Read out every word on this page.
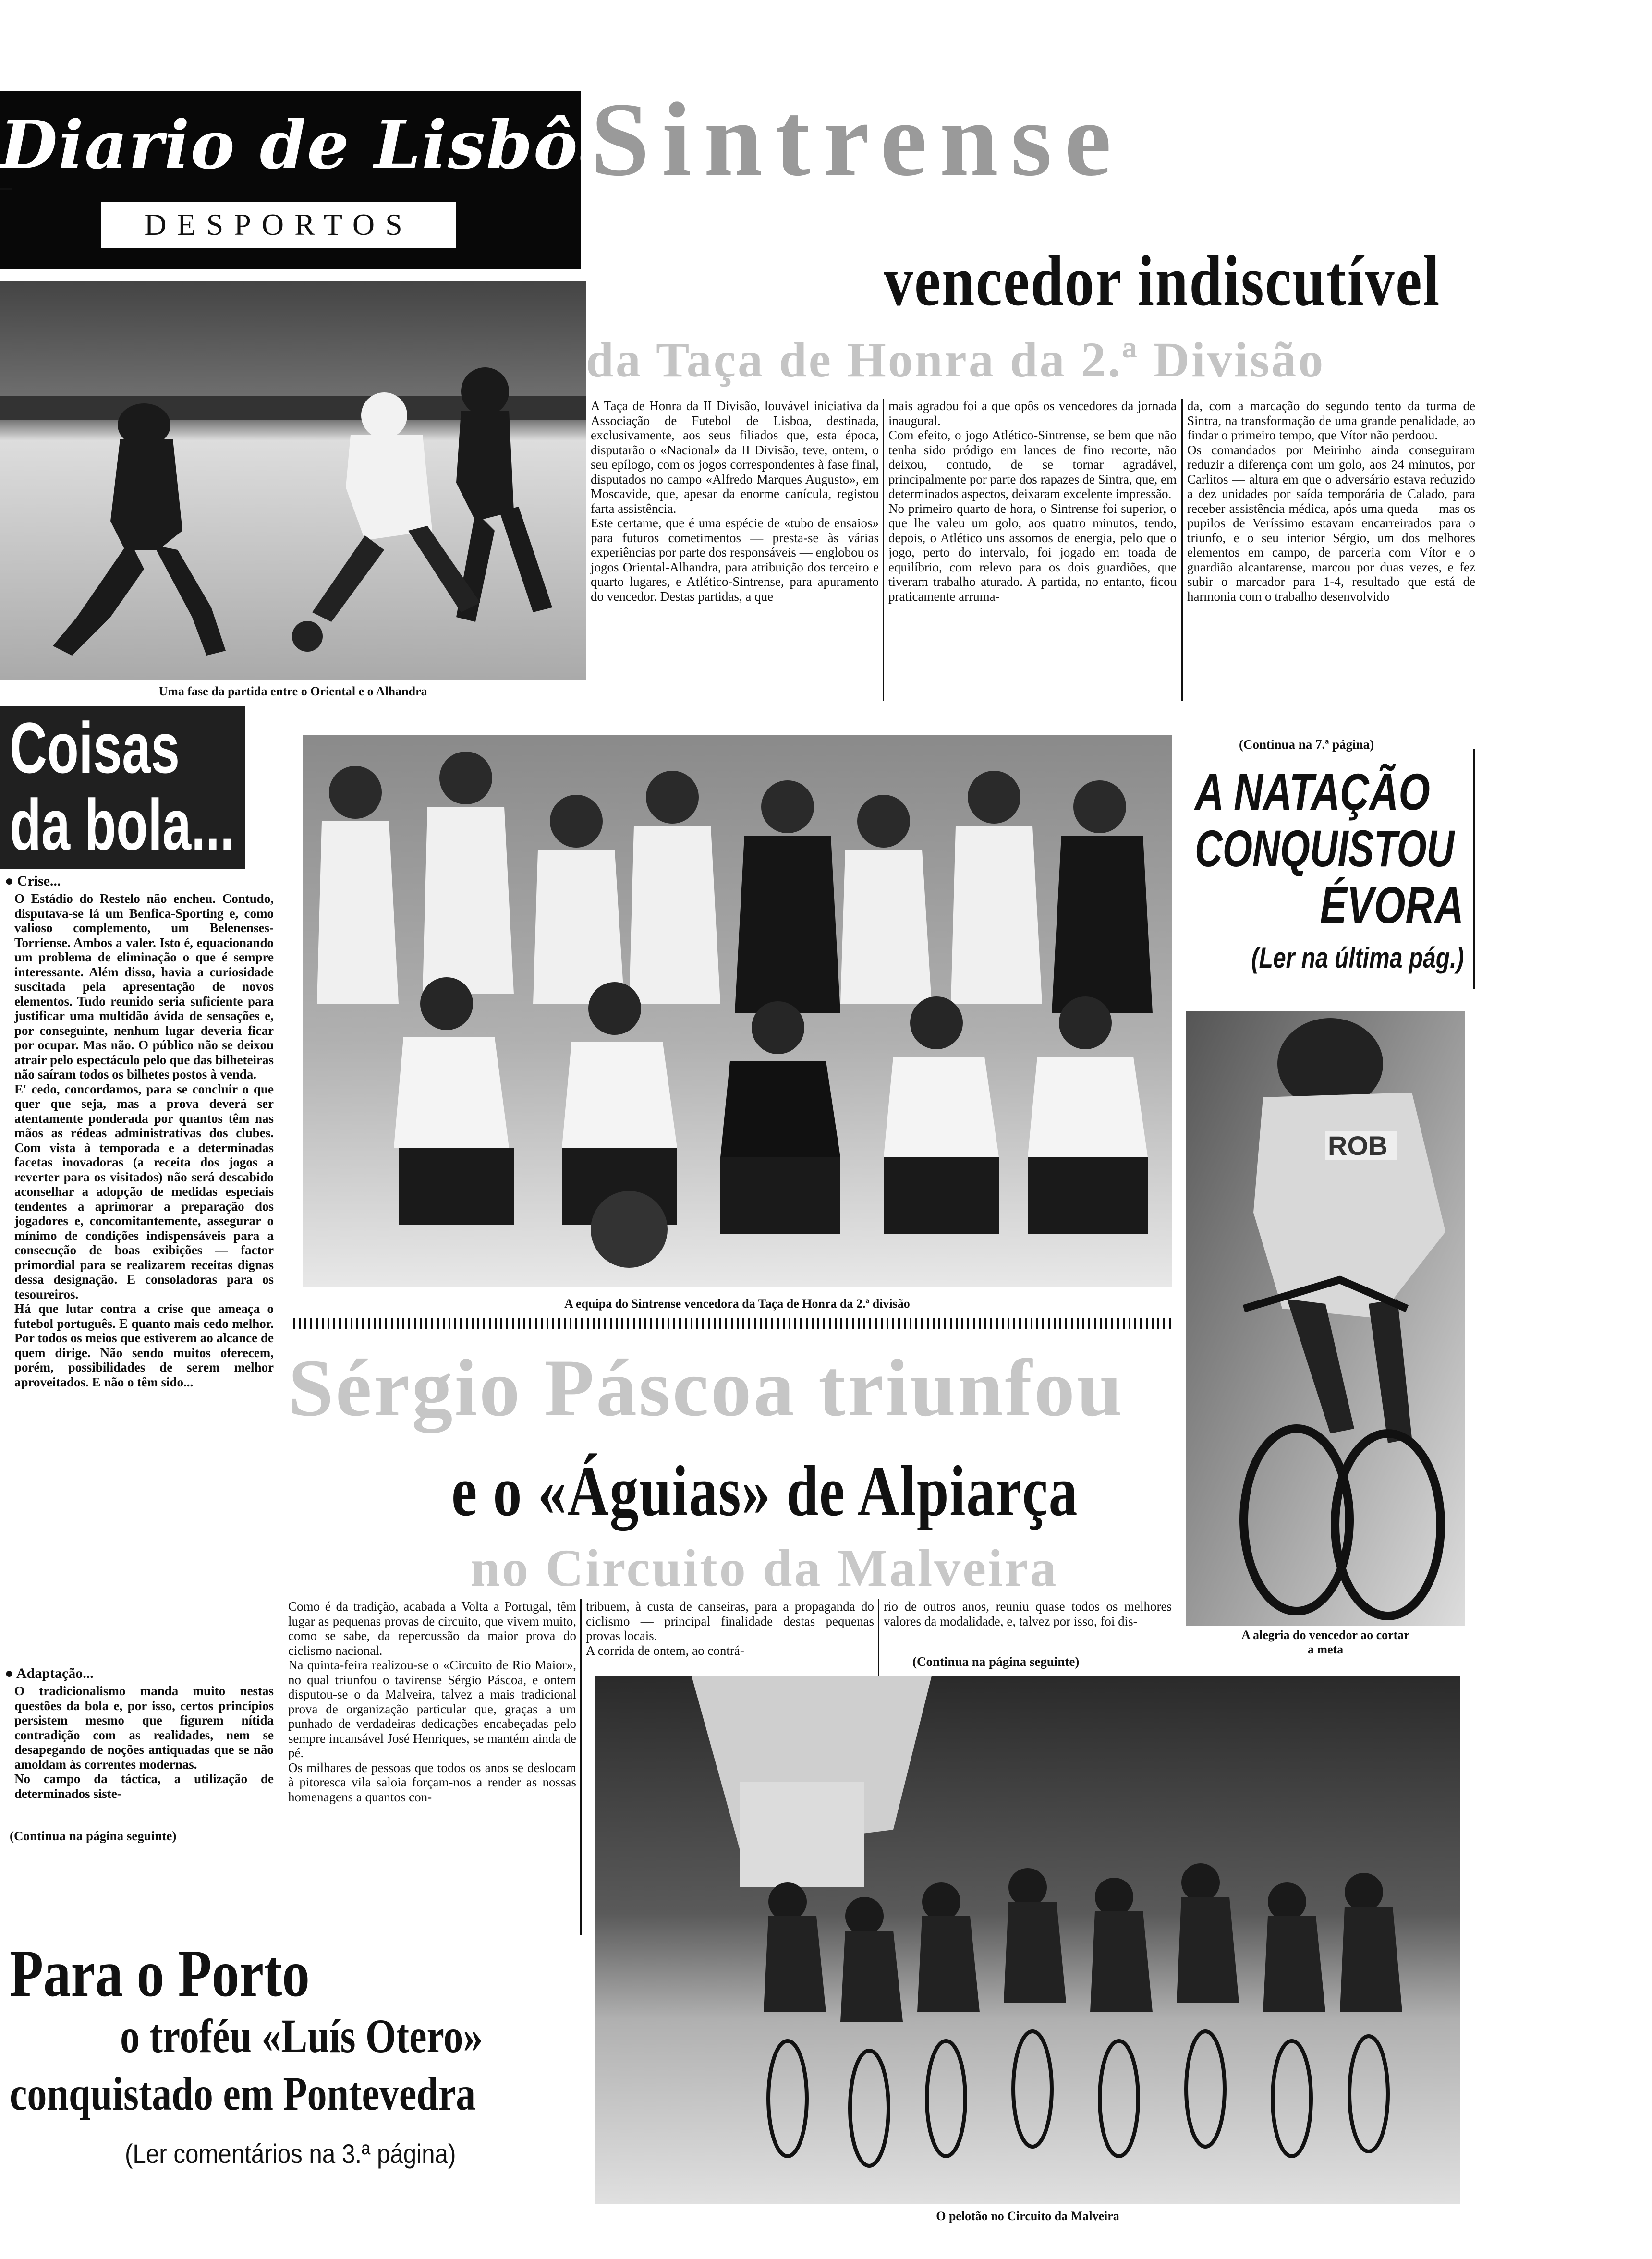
Diario de Lisbôa
DESPORTOS
Sintrense
vencedor indiscutível
da Taça de Honra da 2.ª Divisão
Uma fase da partida entre o Oriental e o Alhandra
A Taça de Honra da II Divisão, louvável iniciativa da Associação de Futebol de Lisboa, destinada, exclusivamente, aos seus filiados que, esta época, disputarão o «Nacional» da II Divisão, teve, ontem, o seu epílogo, com os jogos correspondentes à fase final, disputados no campo «Alfredo Marques Augusto», em Moscavide, que, apesar da enorme canícula, registou farta assistência.
Este certame, que é uma espécie de «tubo de ensaios» para futuros cometimentos — presta-se às várias experiências por parte dos responsáveis — englobou os jogos Oriental-Alhandra, para atribuição dos terceiro e quarto lugares, e Atlético-Sintrense, para apuramento do vencedor. Destas partidas, a que
mais agradou foi a que opôs os vencedores da jornada inaugural.
Com efeito, o jogo Atlético-Sintrense, se bem que não tenha sido pródigo em lances de fino recorte, não deixou, contudo, de se tornar agradável, principalmente por parte dos rapazes de Sintra, que, em determinados aspectos, deixaram excelente impressão.
No primeiro quarto de hora, o Sintrense foi superior, o que lhe valeu um golo, aos quatro minutos, tendo, depois, o Atlético uns assomos de energia, pelo que o jogo, perto do intervalo, foi jogado em toada de equilíbrio, com relevo para os dois guardiões, que tiveram trabalho aturado. A partida, no entanto, ficou praticamente arruma-
da, com a marcação do segundo tento da turma de Sintra, na transformação de uma grande penalidade, ao findar o primeiro tempo, que Vítor não perdoou.
Os comandados por Meirinho ainda conseguiram reduzir a diferença com um golo, aos 24 minutos, por Carlitos — altura em que o adversário estava reduzido a dez unidades por saída temporária de Calado, para receber assistência médica, após uma queda — mas os pupilos de Veríssimo estavam encarreirados para o triunfo, e o seu interior Sérgio, um dos melhores elementos em campo, de parceria com Vítor e o guardião alcantarense, marcou por duas vezes, e fez subir o marcador para 1-4, resultado que está de harmonia com o trabalho desenvolvido
(Continua na 7.ª página)
Coisas
da bola...
● Crise...
O Estádio do Restelo não encheu. Contudo, disputava-se lá um Benfica-Sporting e, como valioso complemento, um Belenenses-Torriense. Ambos a valer. Isto é, equacionando um problema de eliminação o que é sempre interessante. Além disso, havia a curiosidade suscitada pela apresentação de novos elementos. Tudo reunido seria suficiente para justificar uma multidão ávida de sensações e, por conseguinte, nenhum lugar deveria ficar por ocupar. Mas não. O público não se deixou atrair pelo espectáculo pelo que das bilheteiras não saíram todos os bilhetes postos à venda.
E' cedo, concordamos, para se concluir o que quer que seja, mas a prova deverá ser atentamente ponderada por quantos têm nas mãos as rédeas administrativas dos clubes. Com vista à temporada e a determinadas facetas inovadoras (a receita dos jogos a reverter para os visitados) não será descabido aconselhar a adopção de medidas especiais tendentes a aprimorar a preparação dos jogadores e, concomitantemente, assegurar o mínimo de condições indispensáveis para a consecução de boas exibições — factor primordial para se realizarem receitas dignas dessa designação. E consoladoras para os tesoureiros.
Há que lutar contra a crise que ameaça o futebol português. E quanto mais cedo melhor. Por todos os meios que estiverem ao alcance de quem dirige. Não sendo muitos oferecem, porém, possibilidades de serem melhor aproveitados. E não o têm sido...
● Adaptação...
O tradicionalismo manda muito nestas questões da bola e, por isso, certos princípios persistem mesmo que figurem nítida contradição com as realidades, nem se desapegando de noções antiquadas que se não amoldam às correntes modernas.
No campo da táctica, a utilização de determinados siste-
(Continua na página seguinte)
A equipa do Sintrense vencedora da Taça de Honra da 2.ª divisão
A NATAÇÃO
CONQUISTOU
ÉVORA
(Ler na última pág.)
ROB
A alegria do vencedor ao cortar
a meta
Sérgio Páscoa triunfou
e o «Águias» de Alpiarça
no Circuito da Malveira
Como é da tradição, acabada a Volta a Portugal, têm lugar as pequenas provas de circuito, que vivem muito, como se sabe, da repercussão da maior prova do ciclismo nacional.
Na quinta-feira realizou-se o «Circuito de Rio Maior», no qual triunfou o tavirense Sérgio Páscoa, e ontem disputou-se o da Malveira, talvez a mais tradicional prova de organização particular que, graças a um punhado de verdadeiras dedicações encabeçadas pelo sempre incansável José Henriques, se mantém ainda de pé.
Os milhares de pessoas que todos os anos se deslocam à pitoresca vila saloia forçam-nos a render as nossas homenagens a quantos con-
tribuem, à custa de canseiras, para a propaganda do ciclismo — principal finalidade destas pequenas provas locais.
A corrida de ontem, ao contrá-
rio de outros anos, reuniu quase todos os melhores valores da modalidade, e, talvez por isso, foi dis-
(Continua na página seguinte)
O pelotão no Circuito da Malveira
Para o Porto
o troféu «Luís Otero»
conquistado em Pontevedra
(Ler comentários na 3.ª página)
